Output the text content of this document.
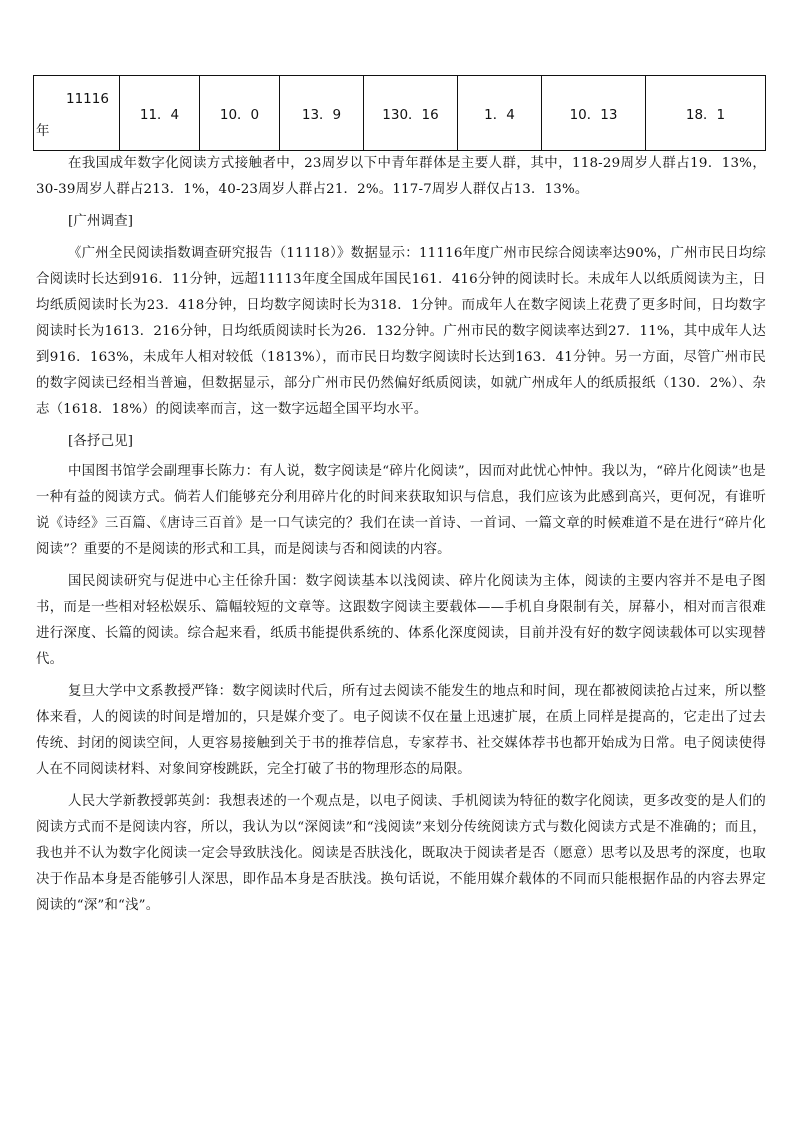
11116
年
	11．4	10．0	13．9	130．16	1．4	10．13	18．1

在我国成年数字化阅读方式接触者中，23周岁以下中青年群体是主要人群，其中，118-29周岁人群占19．13%，30-39周岁人群占213．1%，40-23周岁人群占21．2%。117-7周岁人群仅占13．13%。

[广州调查]

《广州全民阅读指数调查研究报告（11118）》数据显示：11116年度广州市民综合阅读率达90%，广州市民日均综合阅读时长达到916．11分钟，远超11113年度全国成年国民161．416分钟的阅读时长。未成年人以纸质阅读为主，日均纸质阅读时长为23．418分钟，日均数字阅读时长为318．1分钟。而成年人在数字阅读上花费了更多时间，日均数字阅读时长为1613．216分钟，日均纸质阅读时长为26．132分钟。广州市民的数字阅读率达到27．11%，其中成年人达到916．163%，未成年人相对较低（1813%），而市民日均数字阅读时长达到163．41分钟。另一方面，尽管广州市民的数字阅读已经相当普遍，但数据显示，部分广州市民仍然偏好纸质阅读，如就广州成年人的纸质报纸（130．2%）、杂志（1618．18%）的阅读率而言，这一数字远超全国平均水平。

[各抒己见]

中国图书馆学会副理事长陈力：有人说，数字阅读是“碎片化阅读”，因而对此忧心忡忡。我以为，“碎片化阅读”也是一种有益的阅读方式。倘若人们能够充分利用碎片化的时间来获取知识与信息，我们应该为此感到高兴，更何况，有谁听说《诗经》三百篇、《唐诗三百首》是一口气读完的？我们在读一首诗、一首词、一篇文章的时候难道不是在进行“碎片化阅读”？重要的不是阅读的形式和工具，而是阅读与否和阅读的内容。

国民阅读研究与促进中心主任徐升国：数字阅读基本以浅阅读、碎片化阅读为主体，阅读的主要内容并不是电子图书，而是一些相对轻松娱乐、篇幅较短的文章等。这跟数字阅读主要载体——手机自身限制有关，屏幕小，相对而言很难进行深度、长篇的阅读。综合起来看，纸质书能提供系统的、体系化深度阅读，目前并没有好的数字阅读载体可以实现替代。

复旦大学中文系教授严锋：数字阅读时代后，所有过去阅读不能发生的地点和时间，现在都被阅读抢占过来，所以整体来看，人的阅读的时间是增加的，只是媒介变了。电子阅读不仅在量上迅速扩展，在质上同样是提高的，它走出了过去传统、封闭的阅读空间，人更容易接触到关于书的推荐信息，专家荐书、社交媒体荐书也都开始成为日常。电子阅读使得人在不同阅读材料、对象间穿梭跳跃，完全打破了书的物理形态的局限。

人民大学新教授郭英剑：我想表述的一个观点是，以电子阅读、手机阅读为特征的数字化阅读，更多改变的是人们的阅读方式而不是阅读内容，所以，我认为以“深阅读”和“浅阅读”来划分传统阅读方式与数化阅读方式是不准确的；而且，我也并不认为数字化阅读一定会导致肤浅化。阅读是否肤浅化，既取决于阅读者是否（愿意）思考以及思考的深度，也取决于作品本身是否能够引人深思，即作品本身是否肤浅。换句话说，不能用媒介载体的不同而只能根据作品的内容去界定阅读的“深”和“浅”。
